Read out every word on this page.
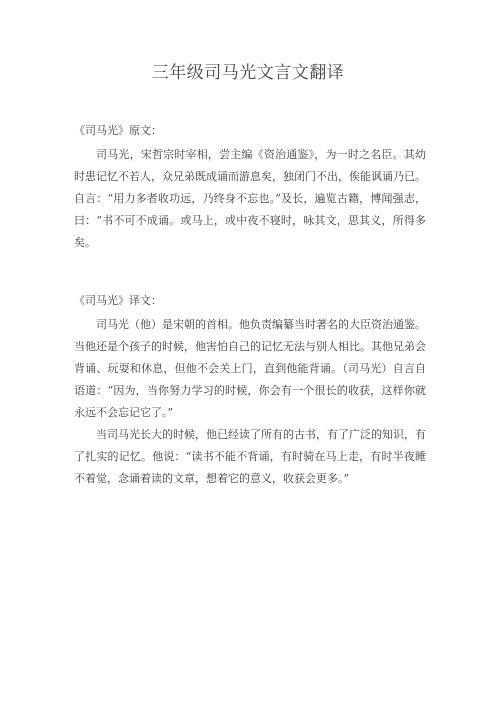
三年级司马光文言文翻译

《司马光》原文：

司马光，宋哲宗时宰相，尝主编《资治通鉴》，为一时之名臣。其幼时患记忆不若人，众兄弟既成诵而游息矣，独闭门不出，俟能讽诵乃已。自言：“用力多者收功远，乃终身不忘也。”及长，遍览古籍，博闻强志，曰：“书不可不成诵。或马上，或中夜不寝时，咏其文，思其义，所得多矣。

《司马光》译文：

司马光（他）是宋朝的首相。他负责编纂当时著名的大臣资治通鉴。当他还是个孩子的时候，他害怕自己的记忆无法与别人相比。其他兄弟会背诵、玩耍和休息，但他不会关上门，直到他能背诵。（司马光）自言自语道：“因为，当你努力学习的时候，你会有一个很长的收获，这样你就永远不会忘记它了。”

当司马光长大的时候，他已经读了所有的古书，有了广泛的知识，有了扎实的记忆。他说：“读书不能不背诵，有时骑在马上走，有时半夜睡不着觉，念诵着读的文章，想着它的意义，收获会更多。”
